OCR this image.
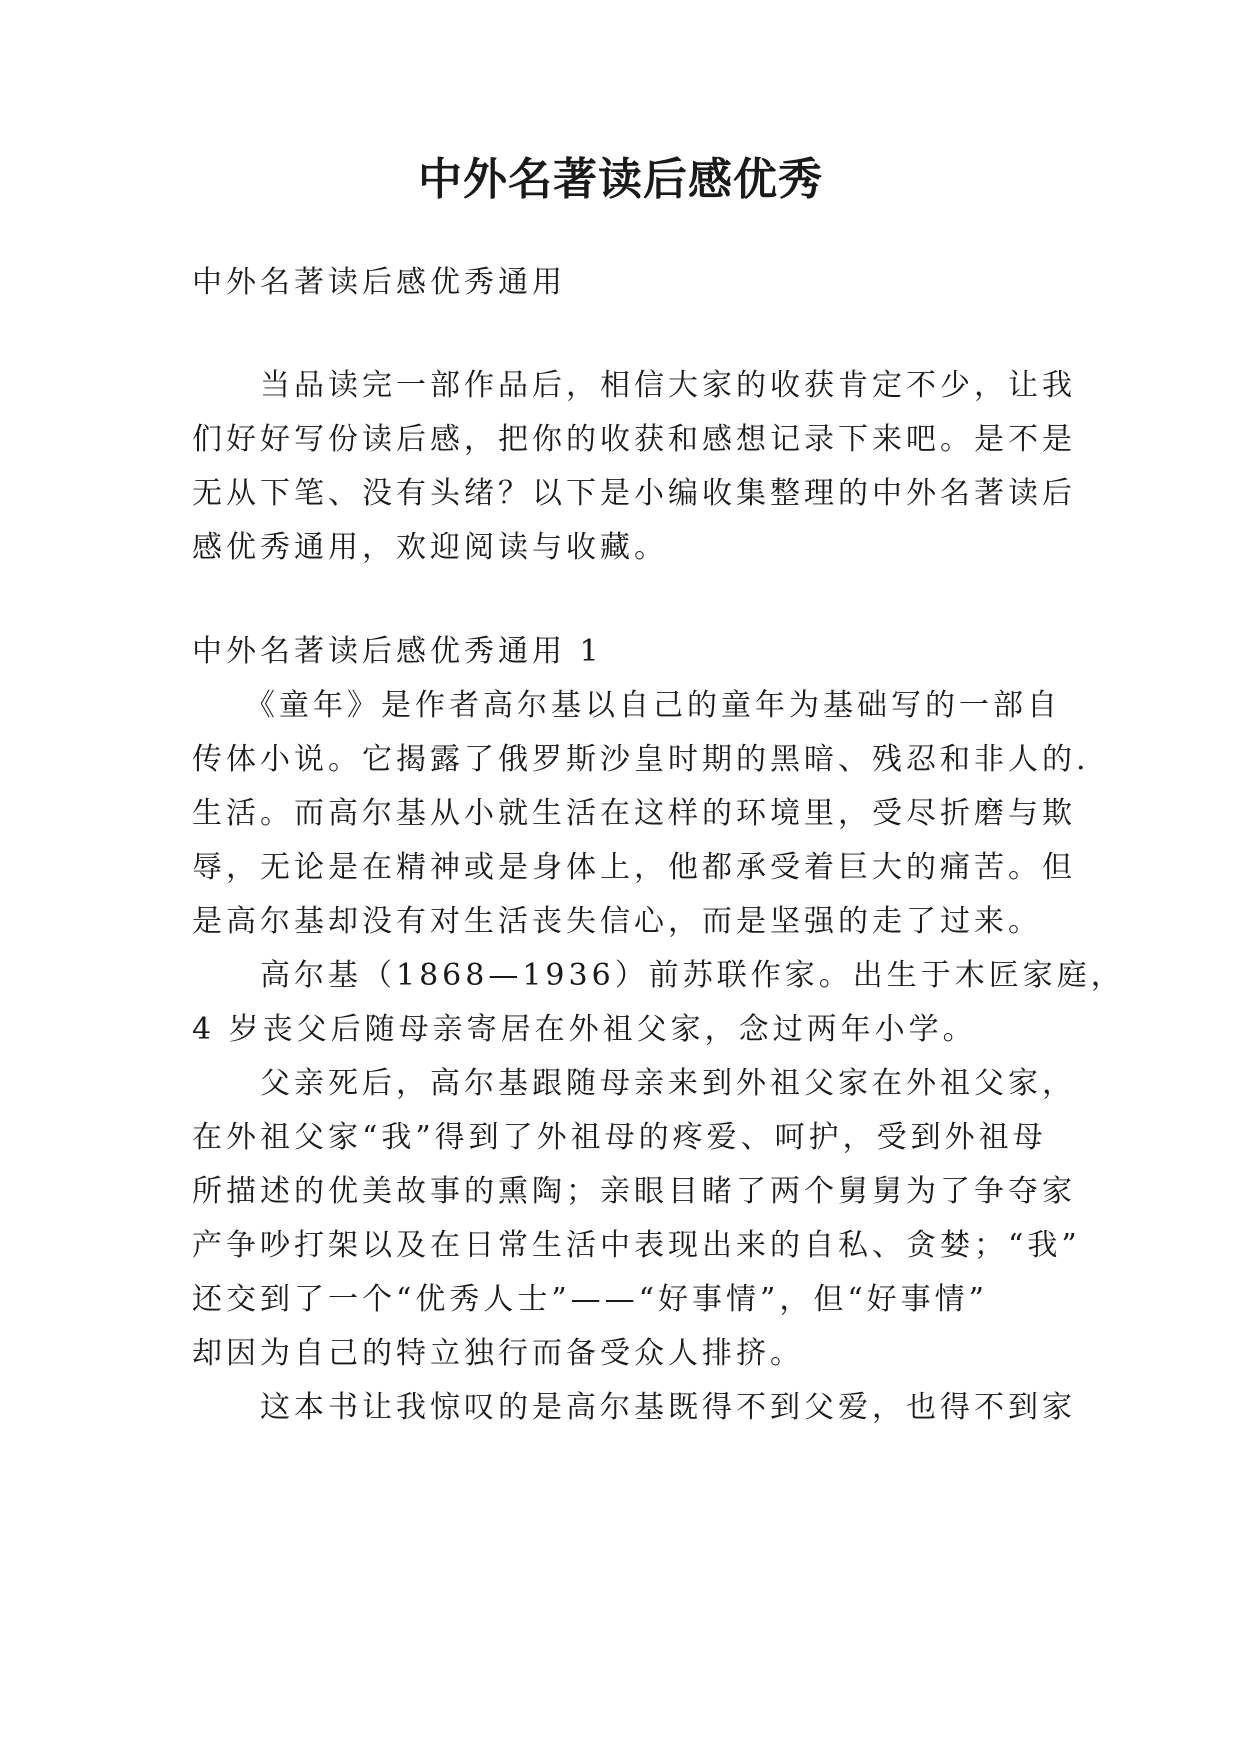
中外名著读后感优秀
中外名著读后感优秀通用
　　当品读完一部作品后，相信大家的收获肯定不少，让我
们好好写份读后感，把你的收获和感想记录下来吧。是不是
无从下笔、没有头绪？以下是小编收集整理的中外名著读后
感优秀通用，欢迎阅读与收藏。
中外名著读后感优秀通用 1
　　《童年》是作者高尔基以自己的童年为基础写的一部自
传体小说。它揭露了俄罗斯沙皇时期的黑暗、残忍和非人的.
生活。而高尔基从小就生活在这样的环境里，受尽折磨与欺
辱，无论是在精神或是身体上，他都承受着巨大的痛苦。但
是高尔基却没有对生活丧失信心，而是坚强的走了过来。
　　高尔基（1868—1936）前苏联作家。出生于木匠家庭，
4 岁丧父后随母亲寄居在外祖父家，念过两年小学。
　　父亲死后，高尔基跟随母亲来到外祖父家在外祖父家，
在外祖父家“我”得到了外祖母的疼爱、呵护，受到外祖母
所描述的优美故事的熏陶；亲眼目睹了两个舅舅为了争夺家
产争吵打架以及在日常生活中表现出来的自私、贪婪；“我”
还交到了一个“优秀人士”——“好事情”，但“好事情”
却因为自己的特立独行而备受众人排挤。
　　这本书让我惊叹的是高尔基既得不到父爱，也得不到家
